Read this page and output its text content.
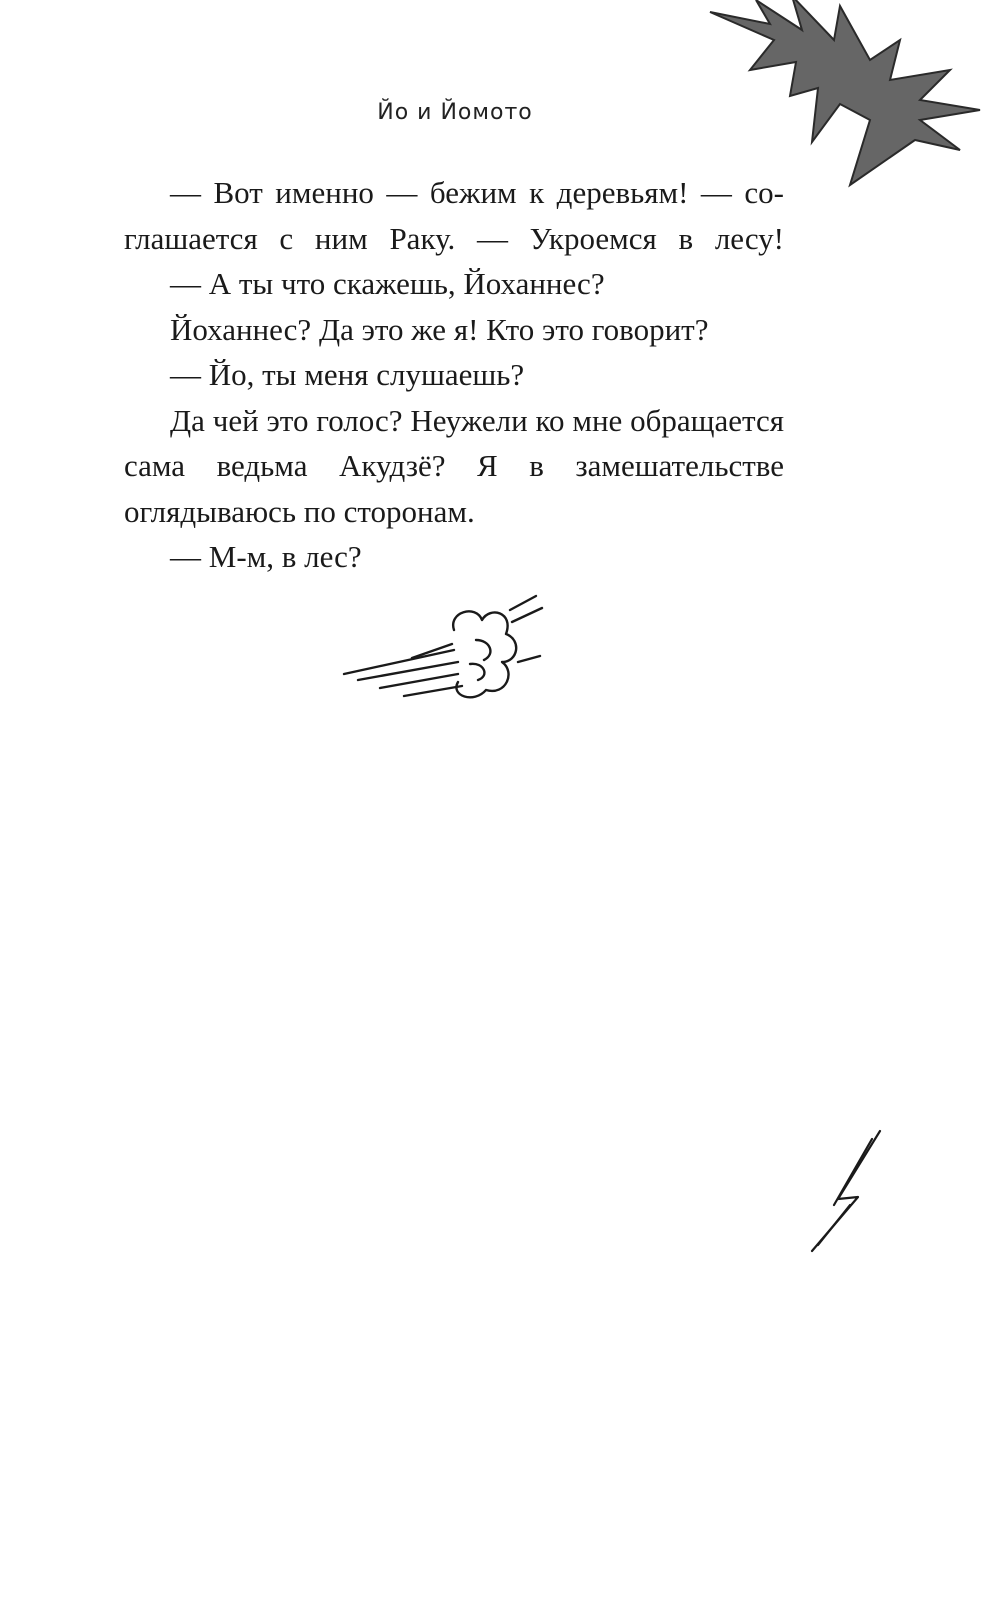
Йо и Йомото

— Вот именно — бежим к деревьям! — соглашается с ним Раку. — Укроемся в лесу!

— А ты что скажешь, Йоханнес?

Йоханнес? Да это же я! Кто это говорит?

— Йо, ты меня слушаешь?

Да чей это голос? Неужели ко мне обращается сама ведьма Акудзё? Я в замешательстве оглядываюсь по сторонам.

— М-м, в лес?
